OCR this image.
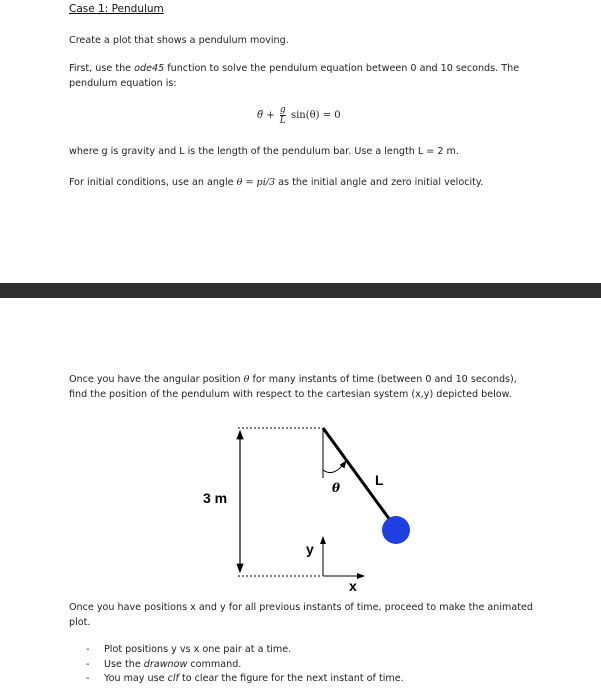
Case 1: Pendulum
Create a plot that shows a pendulum moving.
First, use the ode45 function to solve the pendulum equation between 0 and 10 seconds. The
pendulum equation is:
θ̈ + $\frac{g}{L} \sin(\theta) = 0$
where g is gravity and L is the length of the pendulum bar. Use a length L = 2 m.
For initial conditions, use an angle θ = pi/3 as the initial angle and zero initial velocity.
Once you have the angular position θ for many instants of time (between 0 and 10 seconds),
find the position of the pendulum with respect to the cartesian system (x,y) depicted below.
3 m
θ L
y
x
Once you have positions x and y for all previous instants of time, proceed to make the animated
plot.
- Plot positions y vs x one pair at a time.
- Use the drawnow command.
- You may use clf to clear the figure for the next instant of time.
